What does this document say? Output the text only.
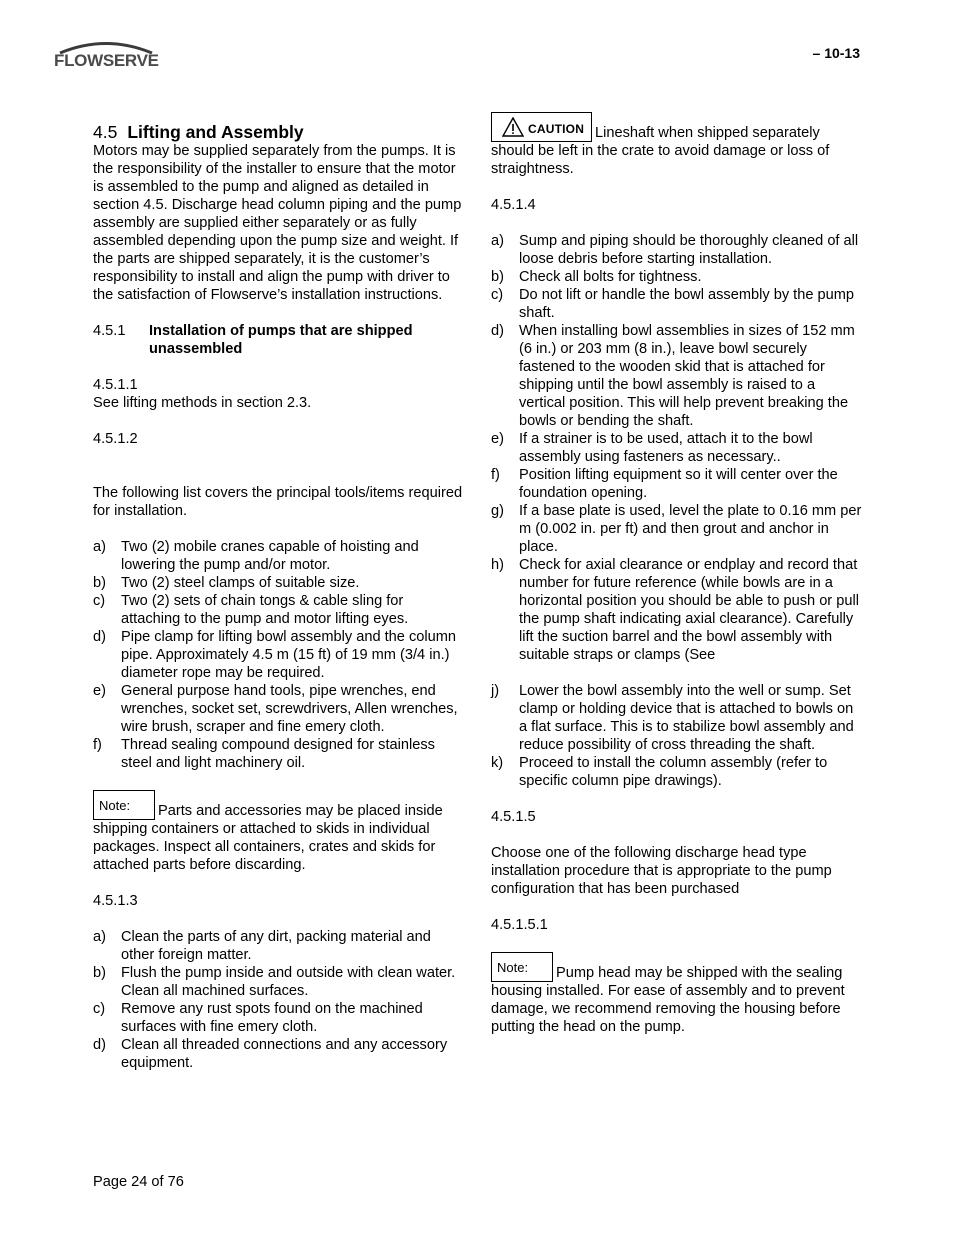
FLOWSERVE	– 10-13
4.5 Lifting and Assembly

Motors may be supplied separately from the pumps. It is the responsibility of the installer to ensure that the motor is assembled to the pump and aligned as detailed in section 4.5. Discharge head column piping and the pump assembly are supplied either separately or as fully assembled depending upon the pump size and weight. If the parts are shipped separately, it is the customer’s responsibility to install and align the pump with driver to the satisfaction of Flowserve’s installation instructions.

4.5.1	Installation of pumps that are shipped unassembled

4.5.1.1

See lifting methods in section 2.3.

4.5.1.2

The following list covers the principal tools/items required for installation.

a)	Two (2) mobile cranes capable of hoisting and lowering the pump and/or motor.
b)	Two (2) steel clamps of suitable size.
c)	Two (2) sets of chain tongs & cable sling for attaching to the pump and motor lifting eyes.
d)	Pipe clamp for lifting bowl assembly and the column pipe. Approximately 4.5 m (15 ft) of 19 mm (3/4 in.) diameter rope may be required.
e)	General purpose hand tools, pipe wrenches, end wrenches, socket set, screwdrivers, Allen wrenches, wire brush, scraper and fine emery cloth.
f)	Thread sealing compound designed for stainless steel and light machinery oil.

Note: Parts and accessories may be placed inside shipping containers or attached to skids in individual packages. Inspect all containers, crates and skids for attached parts before discarding.

4.5.1.3

a)	Clean the parts of any dirt, packing material and other foreign matter.
b)	Flush the pump inside and outside with clean water. Clean all machined surfaces.
c)	Remove any rust spots found on the machined surfaces with fine emery cloth.
d)	Clean all threaded connections and any accessory equipment.

CAUTION Lineshaft when shipped separately should be left in the crate to avoid damage or loss of straightness.

4.5.1.4

a)	Sump and piping should be thoroughly cleaned of all loose debris before starting installation.
b)	Check all bolts for tightness.
c)	Do not lift or handle the bowl assembly by the pump shaft.
d)	When installing bowl assemblies in sizes of 152 mm (6 in.) or 203 mm (8 in.), leave bowl securely fastened to the wooden skid that is attached for shipping until the bowl assembly is raised to a vertical position. This will help prevent breaking the bowls or bending the shaft.
e)	If a strainer is to be used, attach it to the bowl assembly using fasteners as necessary..
f)	Position lifting equipment so it will center over the foundation opening.
g)	If a base plate is used, level the plate to 0.16 mm per m (0.002 in. per ft) and then grout and anchor in place.
h)	Check for axial clearance or endplay and record that number for future reference (while bowls are in a horizontal position you should be able to push or pull the pump shaft indicating axial clearance). Carefully lift the suction barrel and the bowl assembly with suitable straps or clamps (See
j)	Lower the bowl assembly into the well or sump. Set clamp or holding device that is attached to bowls on a flat surface. This is to stabilize bowl assembly and reduce possibility of cross threading the shaft.
k)	Proceed to install the column assembly (refer to specific column pipe drawings).

4.5.1.5

Choose one of the following discharge head type installation procedure that is appropriate to the pump configuration that has been purchased

4.5.1.5.1

Note: Pump head may be shipped with the sealing housing installed. For ease of assembly and to prevent damage, we recommend removing the housing before putting the head on the pump.

Page 24 of 76
